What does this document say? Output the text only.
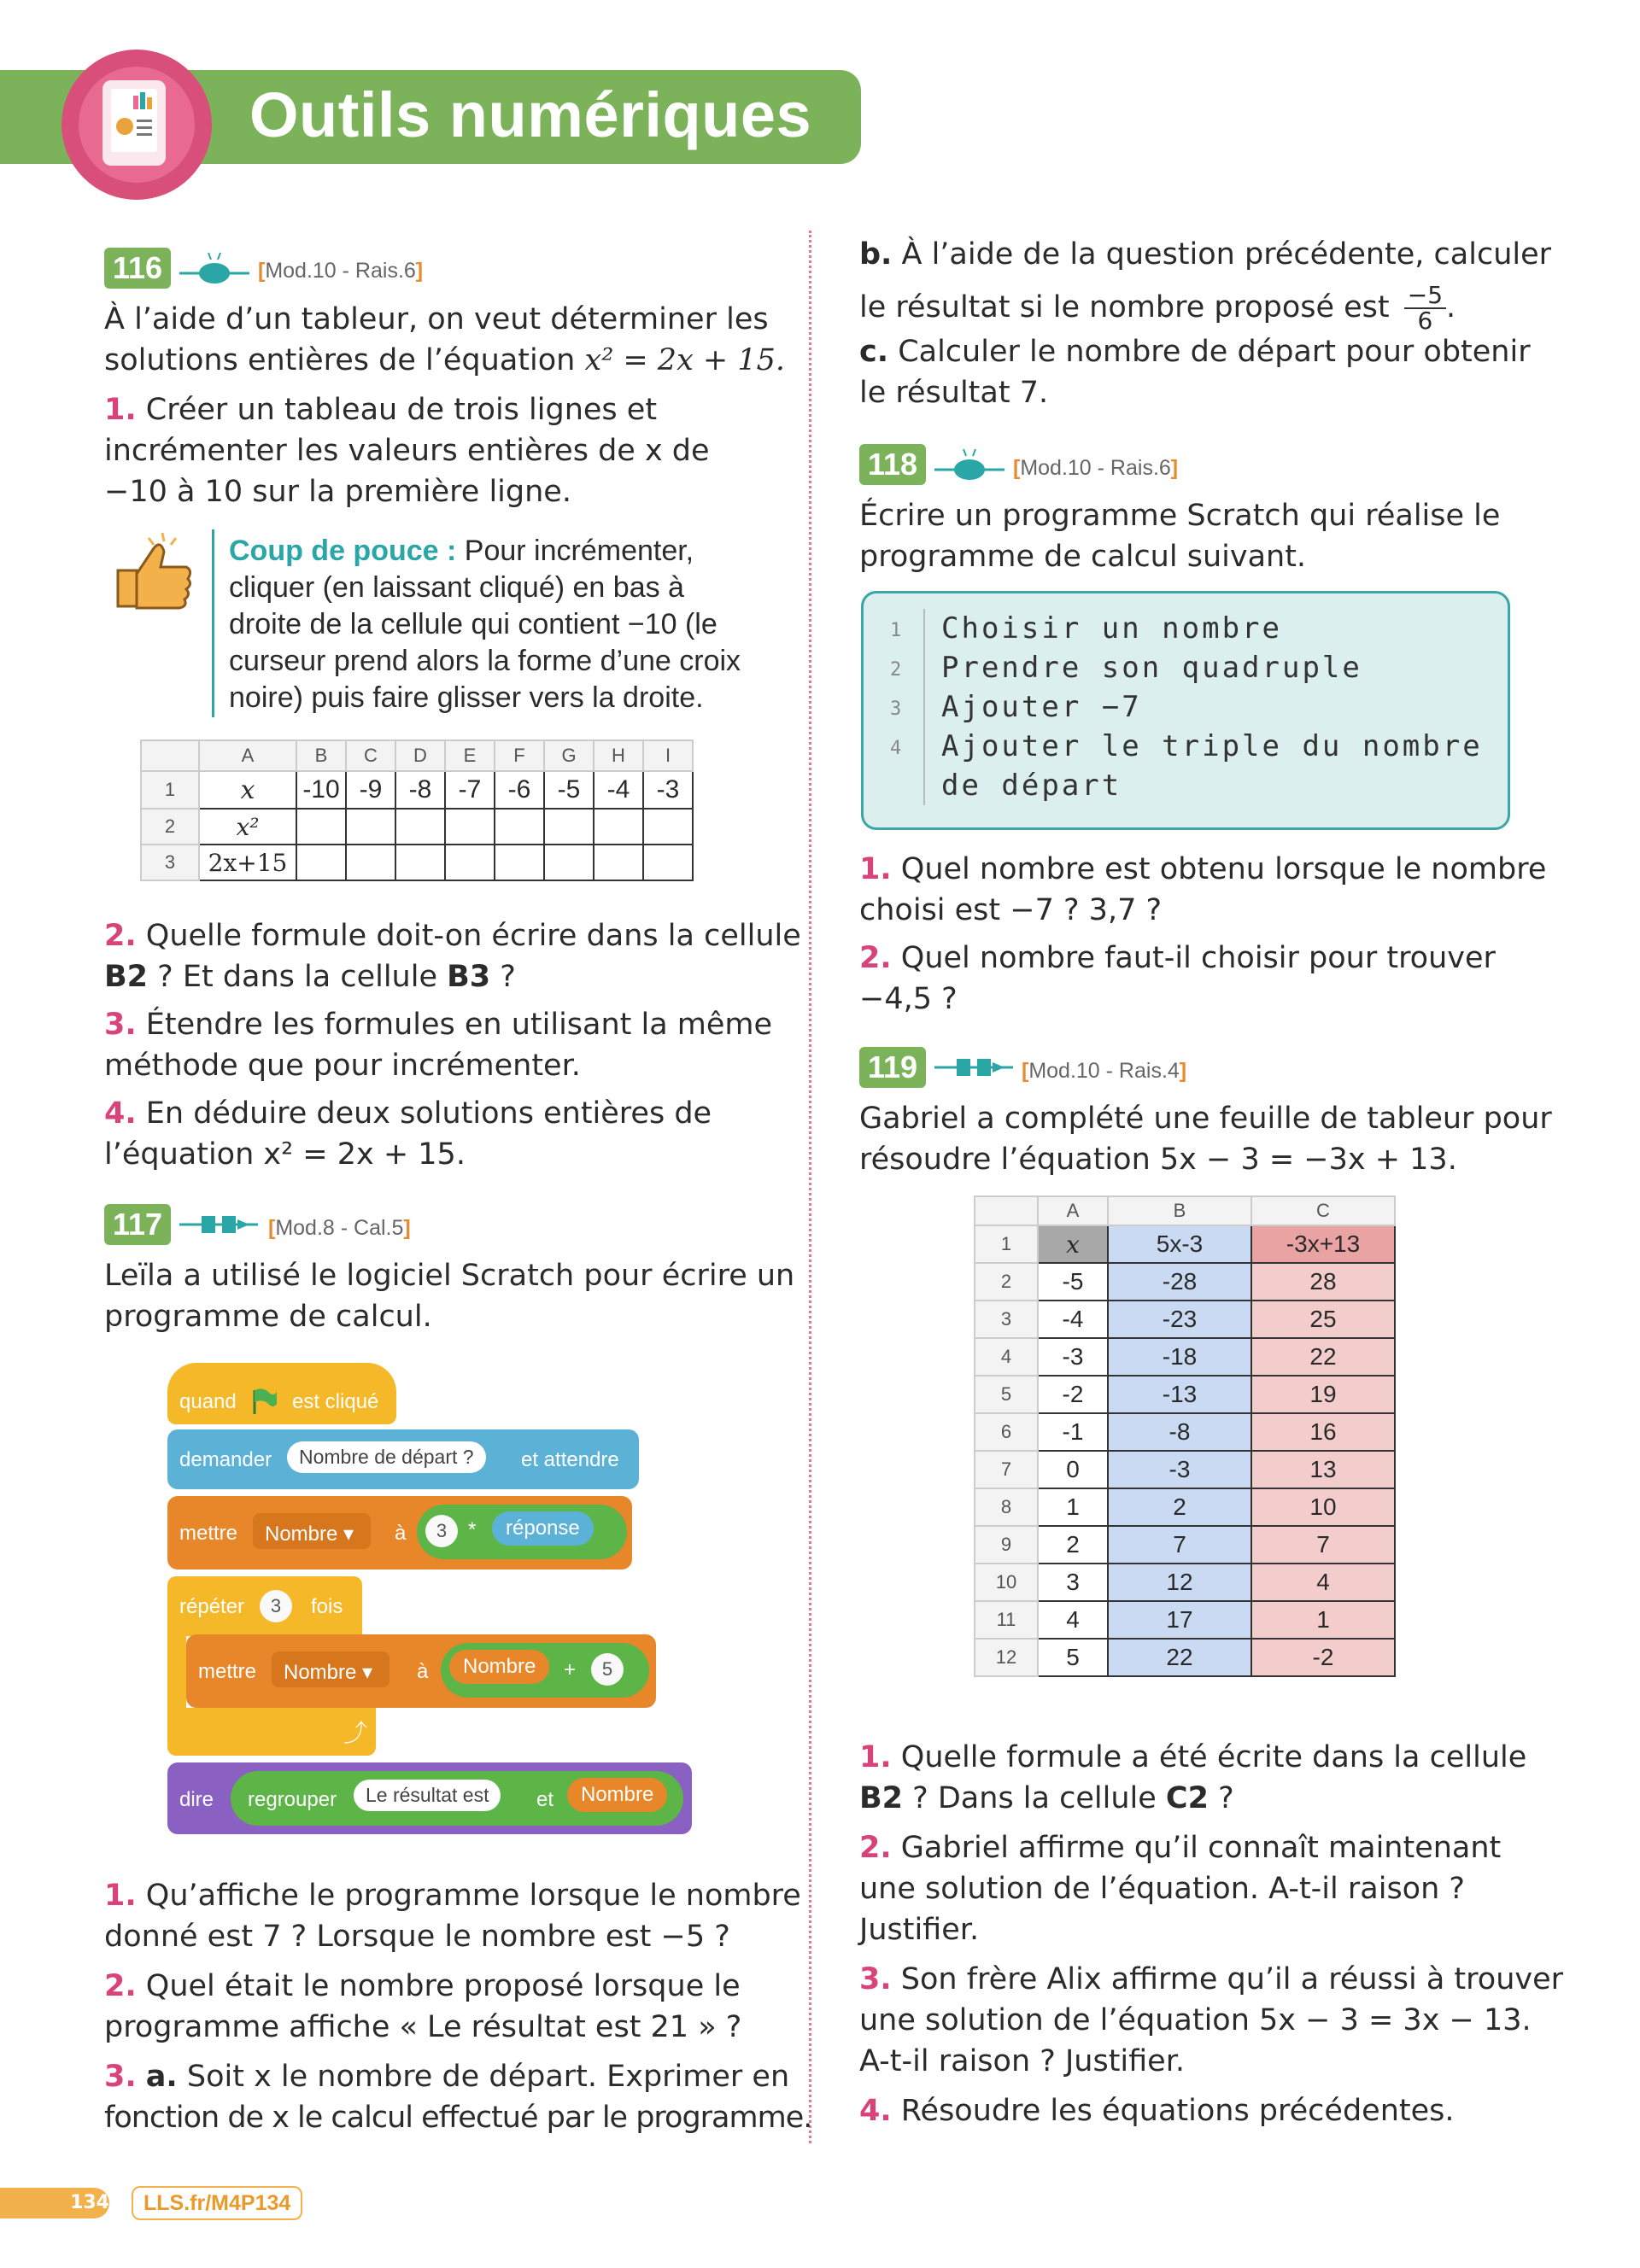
Outils numériques
116	[Mod.10 - Rais.6]
À l’aide d’un tableur, on veut déterminer les
solutions entières de l’équation x² = 2x + 15.
1. Créer un tableau de trois lignes et
incrémenter les valeurs entières de x de
−10 à 10 sur la première ligne.
Coup de pouce : Pour incrémenter,
cliquer (en laissant cliqué) en bas à
droite de la cellule qui contient −10 (le
curseur prend alors la forme d’une croix
noire) puis faire glisser vers la droite.
	A	B	C	D	E	F	G	H	I
1	x	-10	-9	-8	-7	-6	-5	-4	-3
2	x²								
3	2x+15								
2. Quelle formule doit-on écrire dans la cellule
B2 ? Et dans la cellule B3 ?
3. Étendre les formules en utilisant la même
méthode que pour incrémenter.
4. En déduire deux solutions entières de
l’équation x² = 2x + 15.
117	[Mod.8 - Cal.5]
Leïla a utilisé le logiciel Scratch pour écrire un
programme de calcul.
quand	est cliqué
demander	Nombre de départ ?	et attendre
mettre Nombre ▾ à	3	*	réponse
répéter	3	fois
mettre Nombre ▾ à	Nombre	+	5
⤴
dire regrouper	Le résultat est	et	Nombre
1. Qu’affiche le programme lorsque le nombre
donné est 7 ? Lorsque le nombre est −5 ?
2. Quel était le nombre proposé lorsque le
programme affiche « Le résultat est 21 » ?
3. a. Soit x le nombre de départ. Exprimer en
fonction de x le calcul effectué par le programme.
b. À l’aide de la question précédente, calculer
le résultat si le nombre proposé est $\frac{-5}{6}$ .
c. Calculer le nombre de départ pour obtenir
le résultat 7.
118	[Mod.10 - Rais.6]
Écrire un programme Scratch qui réalise le
programme de calcul suivant.
1 Choisir un nombre
2 Prendre son quadruple
3 Ajouter −7
4 Ajouter le triple du nombre
de départ
1. Quel nombre est obtenu lorsque le nombre
choisi est −7 ? 3,7 ?
2. Quel nombre faut-il choisir pour trouver
−4,5 ?
119	[Mod.10 - Rais.4]
Gabriel a complété une feuille de tableur pour
résoudre l’équation 5x − 3 = −3x + 13.
	A	B	C
1	x	5x-3	-3x+13
2	-5	-28	28
3	-4	-23	25
4	-3	-18	22
5	-2	-13	19
6	-1	-8	16
7	0	-3	13
8	1	2	10
9	2	7	7
10	3	12	4
11	4	17	1
12	5	22	-2
1. Quelle formule a été écrite dans la cellule
B2 ? Dans la cellule C2 ?
2. Gabriel affirme qu’il connaît maintenant
une solution de l’équation. A-t-il raison ?
Justifier.
3. Son frère Alix affirme qu’il a réussi à trouver
une solution de l’équation 5x − 3 = 3x − 13.
A-t-il raison ? Justifier.
4. Résoudre les équations précédentes.
134	LLS.fr/M4P134
